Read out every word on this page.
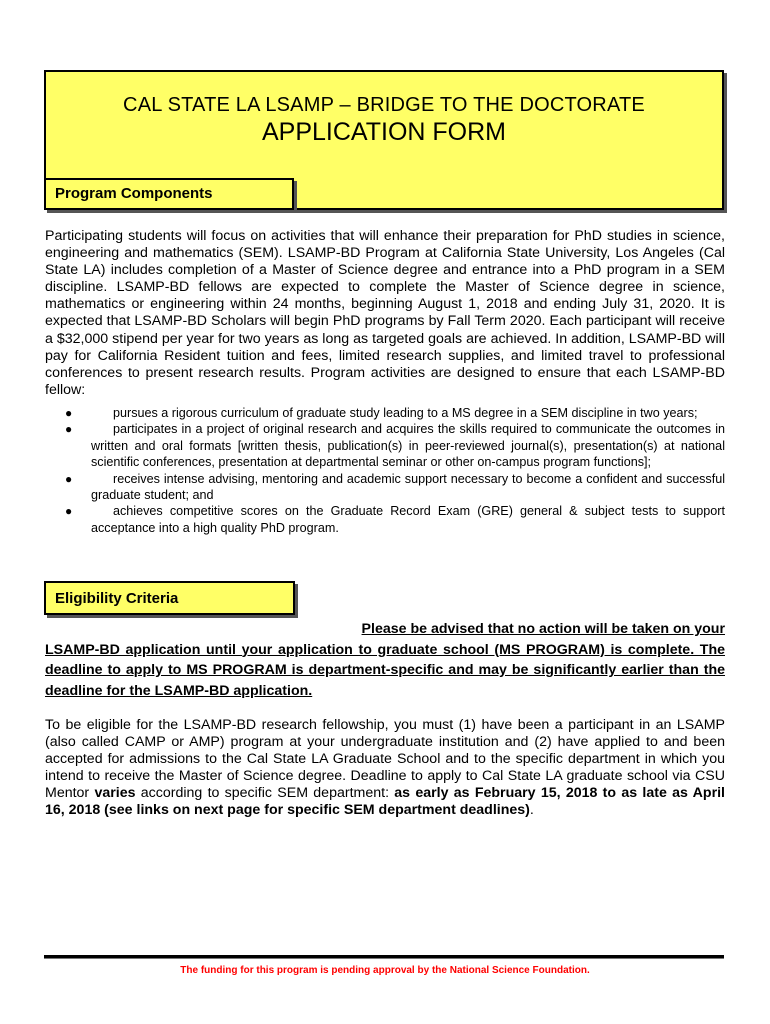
CAL STATE LA LSAMP – BRIDGE TO THE DOCTORATE
APPLICATION FORM
Program Components
Participating students will focus on activities that will enhance their preparation for PhD studies in science, engineering and mathematics (SEM). LSAMP-BD Program at California State University, Los Angeles (Cal State LA) includes completion of a Master of Science degree and entrance into a PhD program in a SEM discipline. LSAMP-BD fellows are expected to complete the Master of Science degree in science, mathematics or engineering within 24 months, beginning August 1, 2018 and ending July 31, 2020. It is expected that LSAMP-BD Scholars will begin PhD programs by Fall Term 2020. Each participant will receive a $32,000 stipend per year for two years as long as targeted goals are achieved. In addition, LSAMP-BD will pay for California Resident tuition and fees, limited research supplies, and limited travel to professional conferences to present research results. Program activities are designed to ensure that each LSAMP-BD fellow:
●	pursues a rigorous curriculum of graduate study leading to a MS degree in a SEM discipline in two years;
●	participates in a project of original research and acquires the skills required to communicate the outcomes in written and oral formats [written thesis, publication(s) in peer-reviewed journal(s), presentation(s) at national scientific conferences, presentation at departmental seminar or other on-campus program functions];
●	receives intense advising, mentoring and academic support necessary to become a confident and successful graduate student; and
●	achieves competitive scores on the Graduate Record Exam (GRE) general & subject tests to support acceptance into a high quality PhD program.
Eligibility Criteria
Please be advised that no action will be taken on your
LSAMP-BD application until your application to graduate school (MS PROGRAM) is complete. The deadline to apply to MS PROGRAM is department-specific and may be significantly earlier than the deadline for the LSAMP-BD application.
To be eligible for the LSAMP-BD research fellowship, you must (1) have been a participant in an LSAMP (also called CAMP or AMP) program at your undergraduate institution and (2) have applied to and been accepted for admissions to the Cal State LA Graduate School and to the specific department in which you intend to receive the Master of Science degree. Deadline to apply to Cal State LA graduate school via CSU Mentor varies according to specific SEM department: as early as February 15, 2018 to as late as April 16, 2018 (see links on next page for specific SEM department deadlines).
The funding for this program is pending approval by the National Science Foundation.
